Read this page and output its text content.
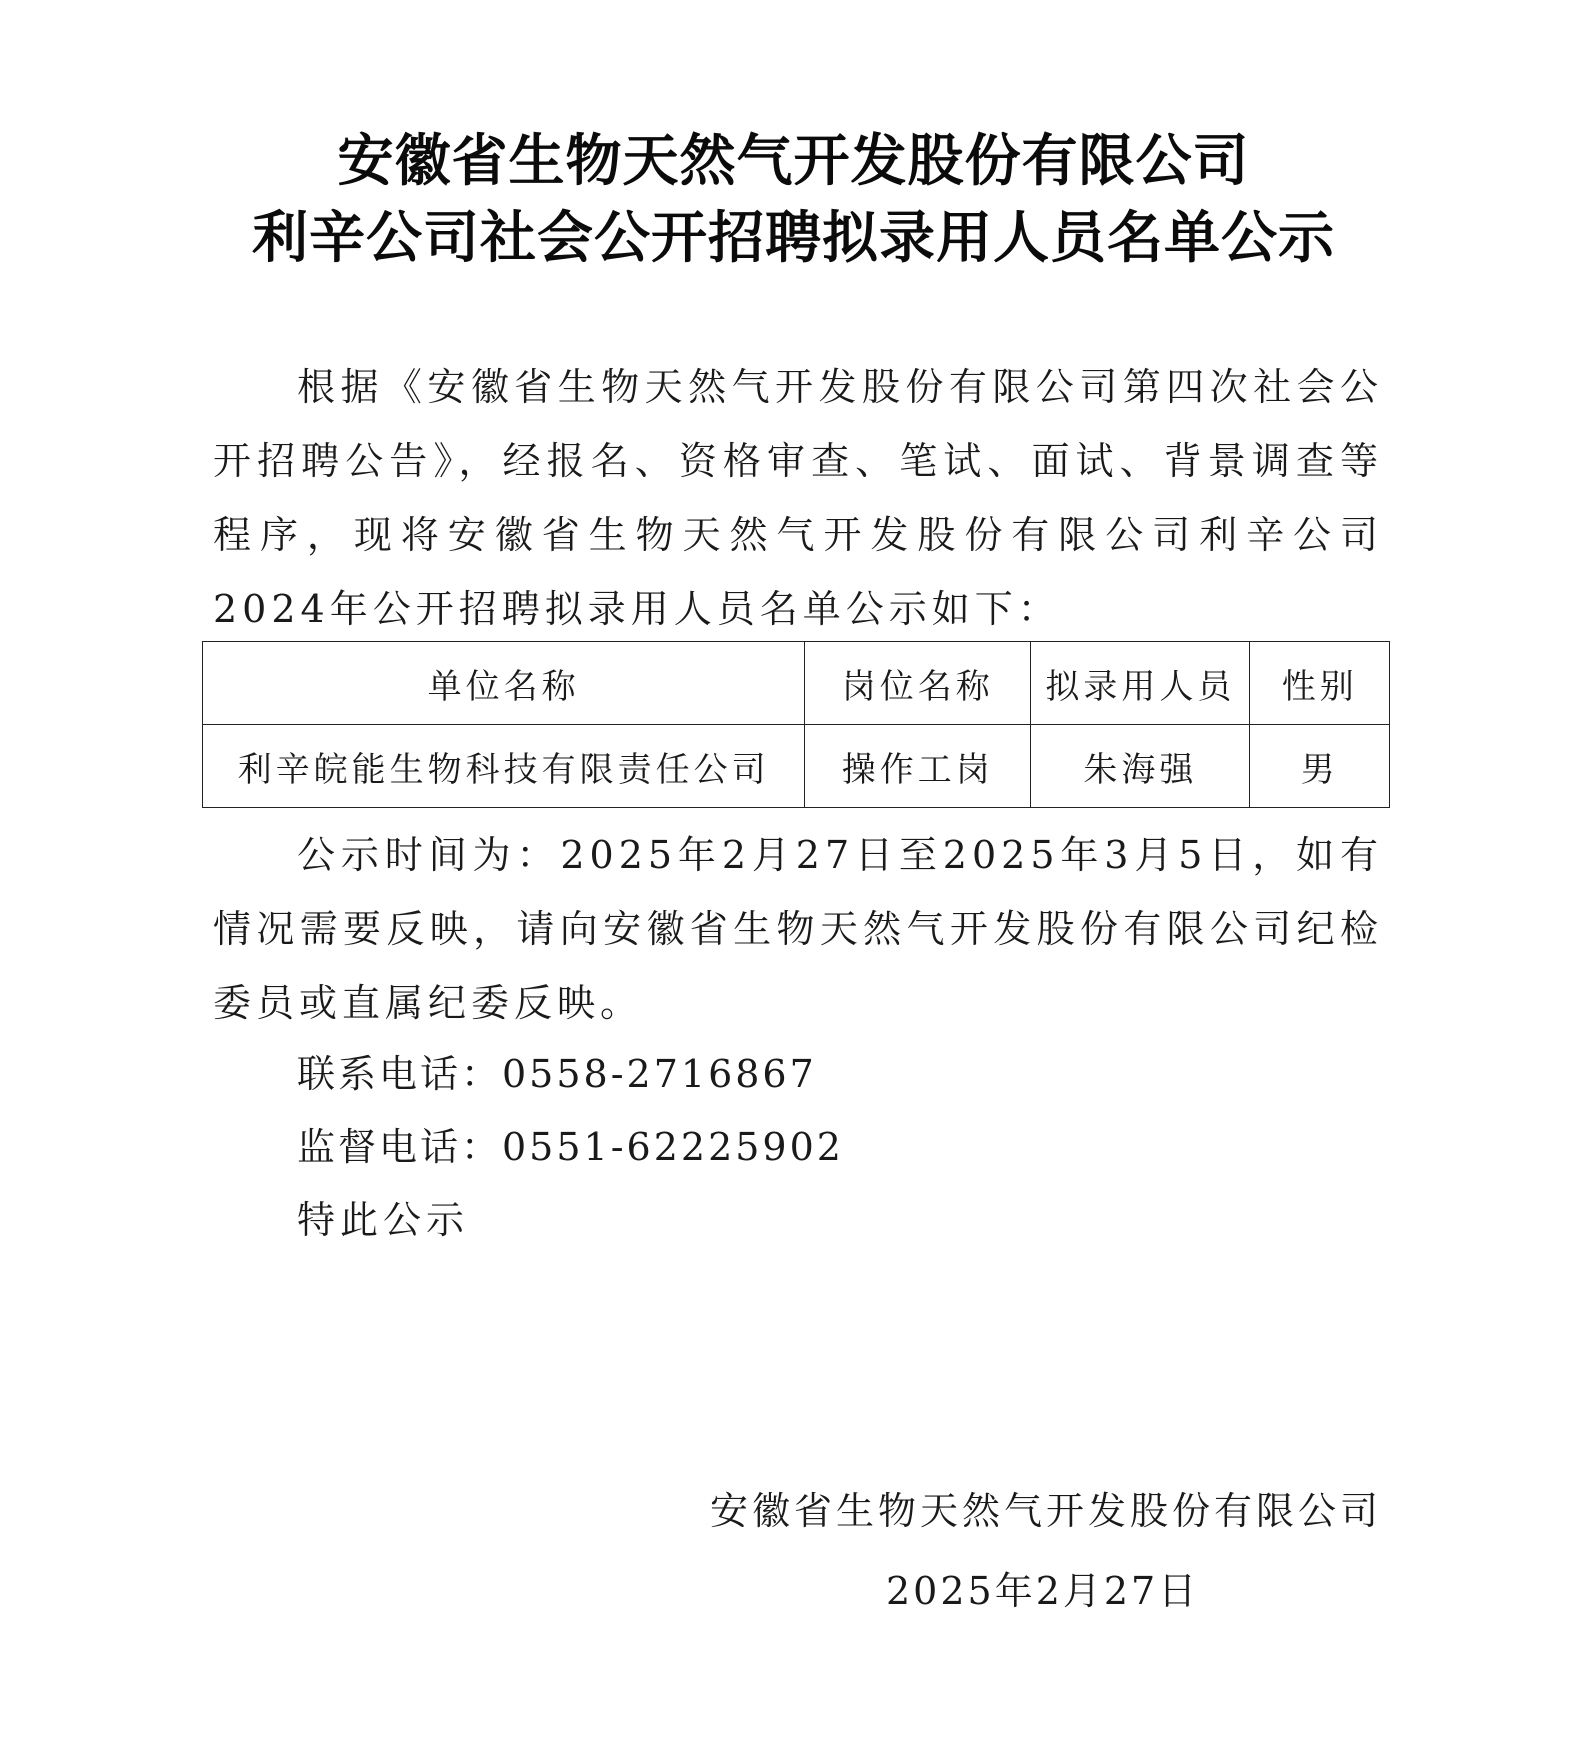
安徽省生物天然气开发股份有限公司
利辛公司社会公开招聘拟录用人员名单公示
根据《安徽省生物天然气开发股份有限公司第四次社会公开招聘公告》，经报名、资格审查、笔试、面试、背景调查等程序，现将安徽省生物天然气开发股份有限公司利辛公司2024年公开招聘拟录用人员名单公示如下：
单位名称	岗位名称	拟录用人员	性别
利辛皖能生物科技有限责任公司	操作工岗	朱海强	男
公示时间为：2025年2月27日至2025年3月5日，如有情况需要反映，请向安徽省生物天然气开发股份有限公司纪检委员或直属纪委反映。
联系电话：0558-2716867
监督电话：0551-62225902
特此公示
安徽省生物天然气开发股份有限公司
2025年2月27日
